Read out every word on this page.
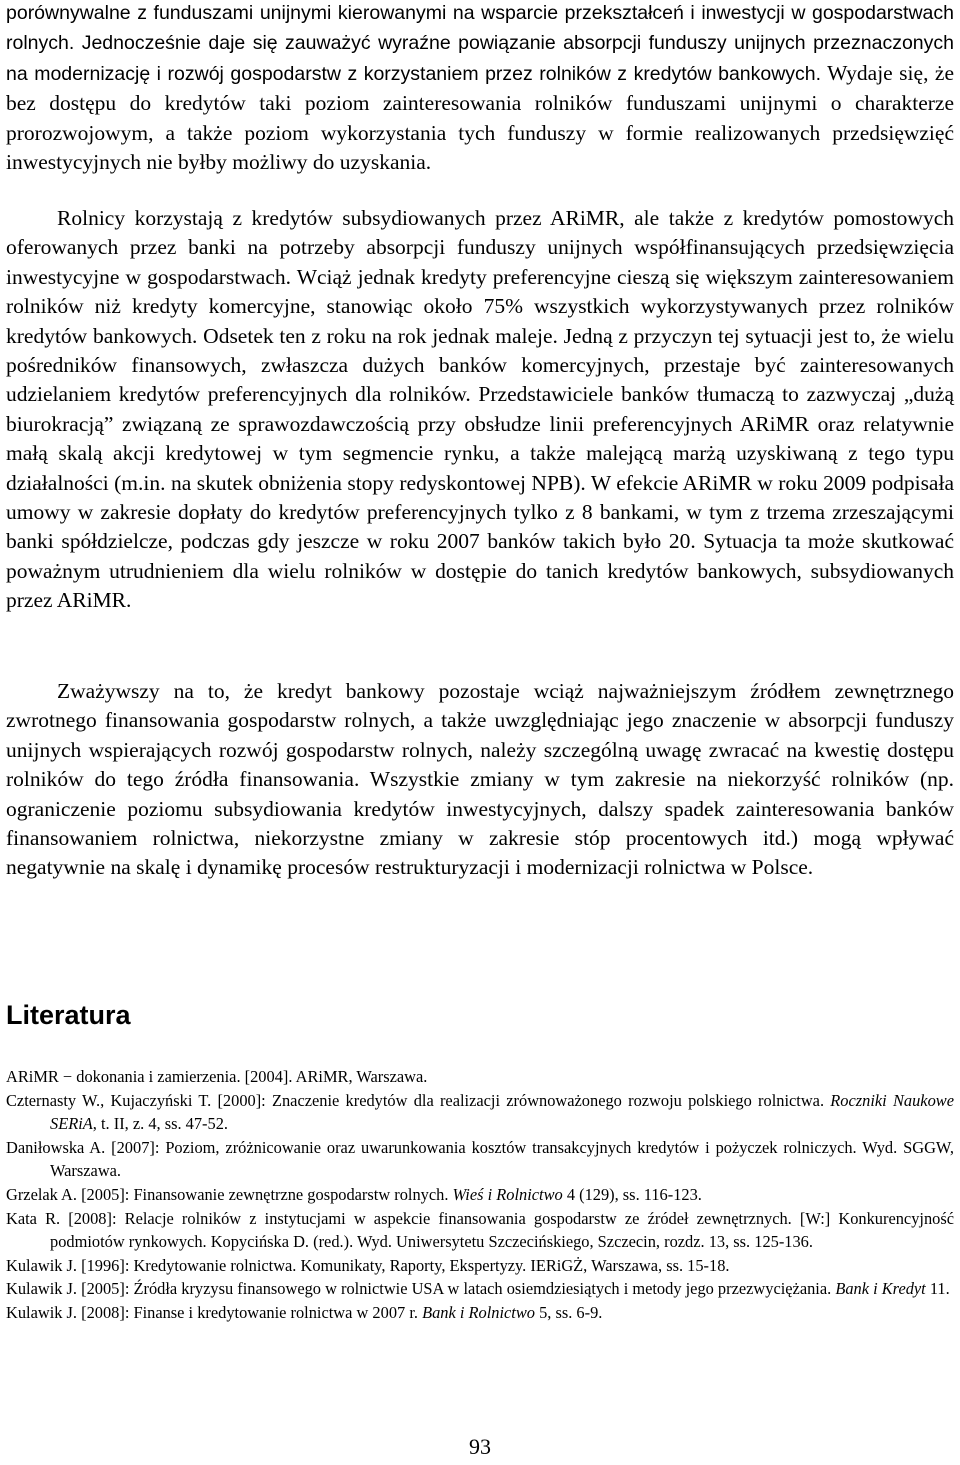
porównywalne z funduszami unijnymi kierowanymi na wsparcie przekształceń i inwestycji w gospodarstwach rolnych. Jednocześnie daje się zauważyć wyraźne powiązanie absorpcji funduszy unijnych przeznaczonych na modernizację i rozwój gospodarstw z korzystaniem przez rolników z kredytów bankowych. Wydaje się, że bez dostępu do kredytów taki poziom zainteresowania rolników funduszami unijnymi o charakterze prorozwojowym, a także poziom wykorzystania tych funduszy w formie realizowanych przedsięwzięć inwestycyjnych nie byłby możliwy do uzyskania.

Rolnicy korzystają z kredytów subsydiowanych przez ARiMR, ale także z kredytów pomostowych oferowanych przez banki na potrzeby absorpcji funduszy unijnych współfinansujących przedsięwzięcia inwestycyjne w gospodarstwach. Wciąż jednak kredyty preferencyjne cieszą się większym zainteresowaniem rolników niż kredyty komercyjne, stanowiąc około 75% wszystkich wykorzystywanych przez rolników kredytów bankowych. Odsetek ten z roku na rok jednak maleje. Jedną z przyczyn tej sytuacji jest to, że wielu pośredników finansowych, zwłaszcza dużych banków komercyjnych, przestaje być zainteresowanych udzielaniem kredytów preferencyjnych dla rolników. Przedstawiciele banków tłumaczą to zazwyczaj „dużą biurokracją” związaną ze sprawozdawczością przy obsłudze linii preferencyjnych ARiMR oraz relatywnie małą skalą akcji kredytowej w tym segmencie rynku, a także malejącą marżą uzyskiwaną z tego typu działalności (m.in. na skutek obniżenia stopy redyskontowej NPB). W efekcie ARiMR w roku 2009 podpisała umowy w zakresie dopłaty do kredytów preferencyjnych tylko z 8 bankami, w tym z trzema zrzeszającymi banki spółdzielcze, podczas gdy jeszcze w roku 2007 banków takich było 20. Sytuacja ta może skutkować poważnym utrudnieniem dla wielu rolników w dostępie do tanich kredytów bankowych, subsydiowanych przez ARiMR.

Zważywszy na to, że kredyt bankowy pozostaje wciąż najważniejszym źródłem zewnętrznego zwrotnego finansowania gospodarstw rolnych, a także uwzględniając jego znaczenie w absorpcji funduszy unijnych wspierających rozwój gospodarstw rolnych, należy szczególną uwagę zwracać na kwestię dostępu rolników do tego źródła finansowania. Wszystkie zmiany w tym zakresie na niekorzyść rolników (np. ograniczenie poziomu subsydiowania kredytów inwestycyjnych, dalszy spadek zainteresowania banków finansowaniem rolnictwa, niekorzystne zmiany w zakresie stóp procentowych itd.) mogą wpływać negatywnie na skalę i dynamikę procesów restrukturyzacji i modernizacji rolnictwa w Polsce.

Literatura

ARiMR − dokonania i zamierzenia. [2004]. ARiMR, Warszawa.

Czternasty W., Kujaczyński T. [2000]: Znaczenie kredytów dla realizacji zrównoważonego rozwoju polskiego rolnictwa. Roczniki Naukowe SERiA, t. II, z. 4, ss. 47-52.

Daniłowska A. [2007]: Poziom, zróżnicowanie oraz uwarunkowania kosztów transakcyjnych kredytów i pożyczek rolniczych. Wyd. SGGW, Warszawa.

Grzelak A. [2005]: Finansowanie zewnętrzne gospodarstw rolnych. Wieś i Rolnictwo 4 (129), ss. 116-123.

Kata R. [2008]: Relacje rolników z instytucjami w aspekcie finansowania gospodarstw ze źródeł zewnętrznych. [W:] Konkurencyjność podmiotów rynkowych. Kopycińska D. (red.). Wyd. Uniwersytetu Szczecińskiego, Szczecin, rozdz. 13, ss. 125-136.

Kulawik J. [1996]: Kredytowanie rolnictwa. Komunikaty, Raporty, Ekspertyzy. IERiGŻ, Warszawa, ss. 15-18.

Kulawik J. [2005]: Źródła kryzysu finansowego w rolnictwie USA w latach osiemdziesiątych i metody jego przezwyciężania. Bank i Kredyt 11.

Kulawik J. [2008]: Finanse i kredytowanie rolnictwa w 2007 r. Bank i Rolnictwo 5, ss. 6-9.

93
